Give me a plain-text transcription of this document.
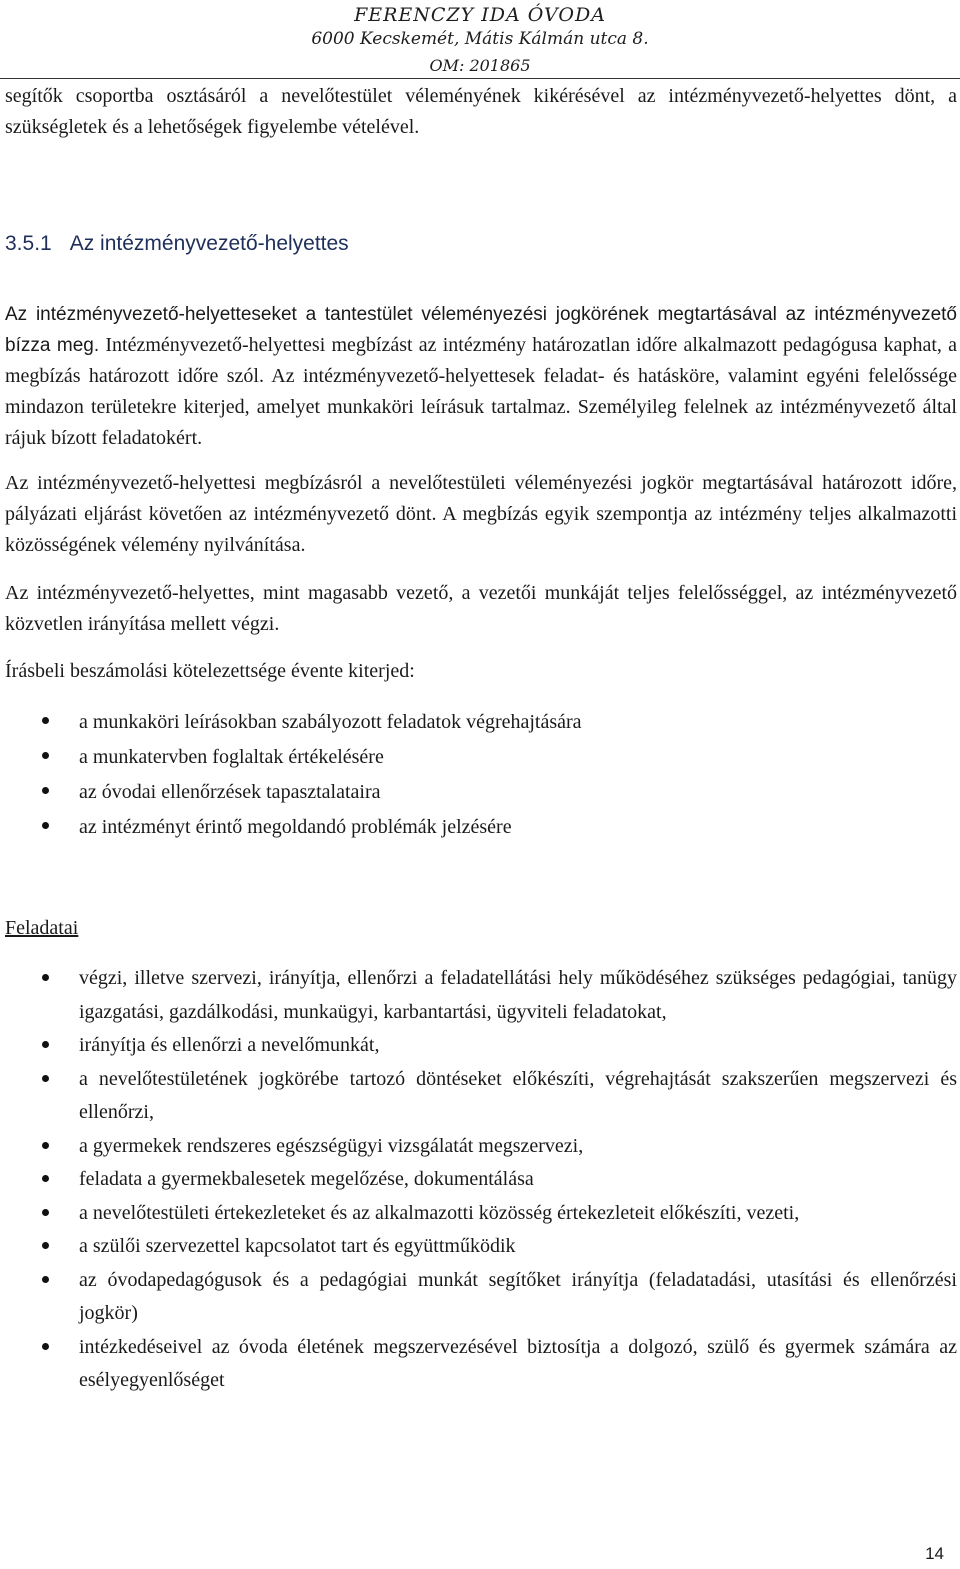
FERENCZY IDA ÓVODA
6000 Kecskemét, Mátis Kálmán utca 8.
OM: 201865

segítők csoportba osztásáról a nevelőtestület véleményének kikérésével az intézményvezető-helyettes dönt, a szükségletek és a lehetőségek figyelembe vételével.

3.5.1 Az intézményvezető-helyettes

Az intézményvezető-helyetteseket a tantestület véleményezési jogkörének megtartásával az intézményvezető bízza meg. Intézményvezető-helyettesi megbízást az intézmény határozatlan időre alkalmazott pedagógusa kaphat, a megbízás határozott időre szól. Az intézményvezető-helyettesek feladat- és hatásköre, valamint egyéni felelőssége mindazon területekre kiterjed, amelyet munkaköri leírásuk tartalmaz. Személyileg felelnek az intézményvezető által rájuk bízott feladatokért.

Az intézményvezető-helyettesi megbízásról a nevelőtestületi véleményezési jogkör megtartásával határozott időre, pályázati eljárást követően az intézményvezető dönt. A megbízás egyik szempontja az intézmény teljes alkalmazotti közösségének vélemény nyilvánítása.

Az intézményvezető-helyettes, mint magasabb vezető, a vezetői munkáját teljes felelősséggel, az intézményvezető közvetlen irányítása mellett végzi.

Írásbeli beszámolási kötelezettsége évente kiterjed:

a munkaköri leírásokban szabályozott feladatok végrehajtására
a munkatervben foglaltak értékelésére
az óvodai ellenőrzések tapasztalataira
az intézményt érintő megoldandó problémák jelzésére

Feladatai

végzi, illetve szervezi, irányítja, ellenőrzi a feladatellátási hely működéséhez szükséges pedagógiai, tanügy igazgatási, gazdálkodási, munkaügyi, karbantartási, ügyviteli feladatokat,

irányítja és ellenőrzi a nevelőmunkát,

a nevelőtestületének jogkörébe tartozó döntéseket előkészíti, végrehajtását szakszerűen megszervezi és ellenőrzi,

a gyermekek rendszeres egészségügyi vizsgálatát megszervezi,

feladata a gyermekbalesetek megelőzése, dokumentálása

a nevelőtestületi értekezleteket és az alkalmazotti közösség értekezleteit előkészíti, vezeti,

a szülői szervezettel kapcsolatot tart és együttműködik

az óvodapedagógusok és a pedagógiai munkát segítőket irányítja (feladatadási, utasítási és ellenőrzési jogkör)

intézkedéseivel az óvoda életének megszervezésével biztosítja a dolgozó, szülő és gyermek számára az esélyegyenlőséget

14
